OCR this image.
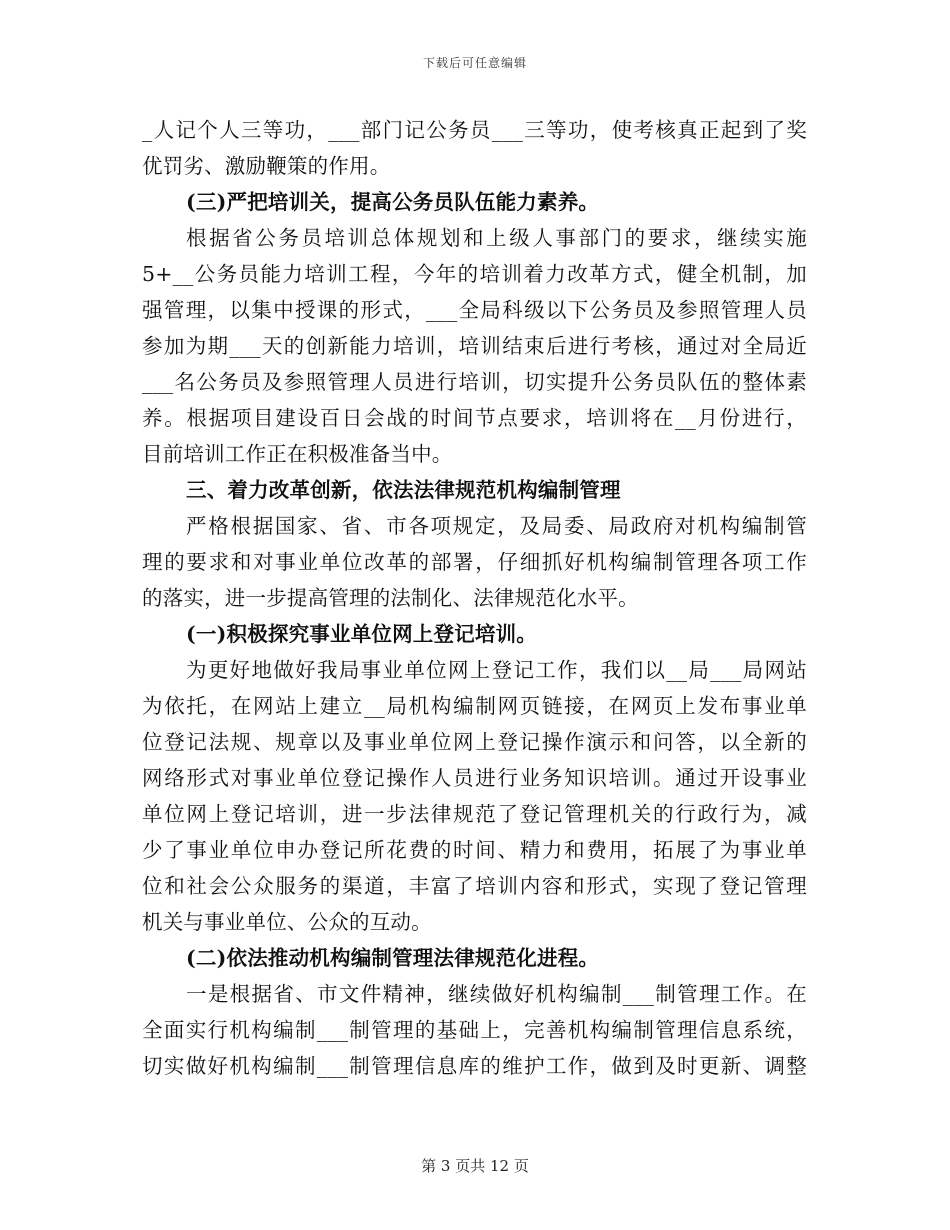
下载后可任意编辑
_人记个人三等功，___部门记公务员___三等功，使考核真正起到了奖
优罚劣、激励鞭策的作用。
(三)严把培训关，提高公务员队伍能力素养。
根据省公务员培训总体规划和上级人事部门的要求，继续实施
5+__公务员能力培训工程，今年的培训着力改革方式，健全机制，加
强管理，以集中授课的形式，___全局科级以下公务员及参照管理人员
参加为期___天的创新能力培训，培训结束后进行考核，通过对全局近
___名公务员及参照管理人员进行培训，切实提升公务员队伍的整体素
养。根据项目建设百日会战的时间节点要求，培训将在__月份进行，
目前培训工作正在积极准备当中。
三、着力改革创新，依法法律规范机构编制管理
严格根据国家、省、市各项规定，及局委、局政府对机构编制管
理的要求和对事业单位改革的部署，仔细抓好机构编制管理各项工作
的落实，进一步提高管理的法制化、法律规范化水平。
(一)积极探究事业单位网上登记培训。
为更好地做好我局事业单位网上登记工作，我们以__局___局网站
为依托，在网站上建立__局机构编制网页链接，在网页上发布事业单
位登记法规、规章以及事业单位网上登记操作演示和问答，以全新的
网络形式对事业单位登记操作人员进行业务知识培训。通过开设事业
单位网上登记培训，进一步法律规范了登记管理机关的行政行为，减
少了事业单位申办登记所花费的时间、精力和费用，拓展了为事业单
位和社会公众服务的渠道，丰富了培训内容和形式，实现了登记管理
机关与事业单位、公众的互动。
(二)依法推动机构编制管理法律规范化进程。
一是根据省、市文件精神，继续做好机构编制___制管理工作。在
全面实行机构编制___制管理的基础上，完善机构编制管理信息系统，
切实做好机构编制___制管理信息库的维护工作，做到及时更新、调整
第 3 页共 12 页
